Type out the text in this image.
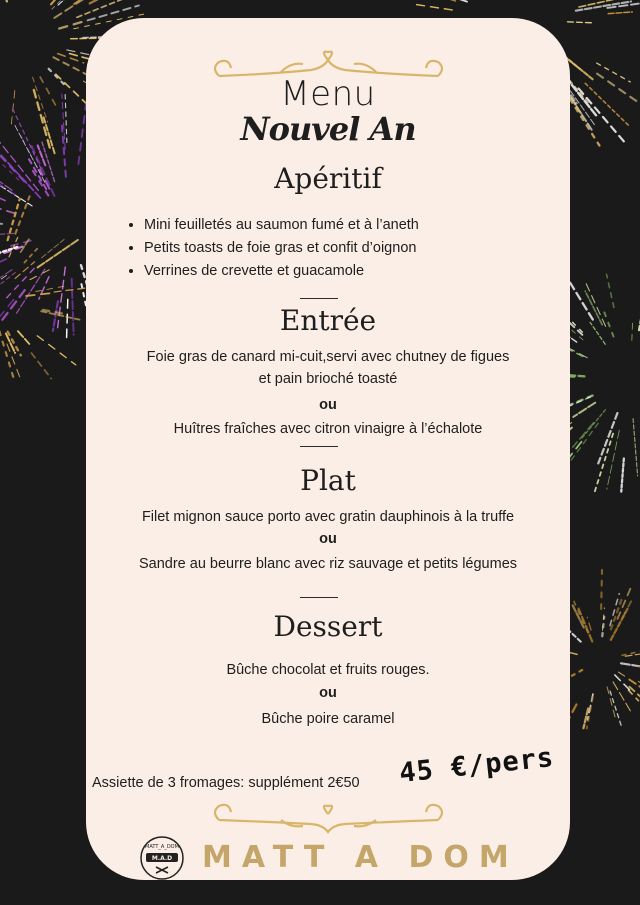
Menu
Nouvel An
Apéritif
• Mini feuilletés au saumon fumé et à l’aneth
• Petits toasts de foie gras et confit d’oignon
• Verrines de crevette et guacamole
Entrée
Foie gras de canard mi-cuit,servi avec chutney de figues
et pain brioché toasté
ou
Huîtres fraîches avec citron vinaigre à l’échalote
Plat
Filet mignon sauce porto avec gratin dauphinois à la truffe
ou
Sandre au beurre blanc avec riz sauvage et petits légumes
Dessert
Bûche chocolat et fruits rouges.
ou
Bûche poire caramel
45 €/pers
Assiette de 3 fromages: supplément 2€50
MATT_A_DOM
M.A.D MATT A DOM
